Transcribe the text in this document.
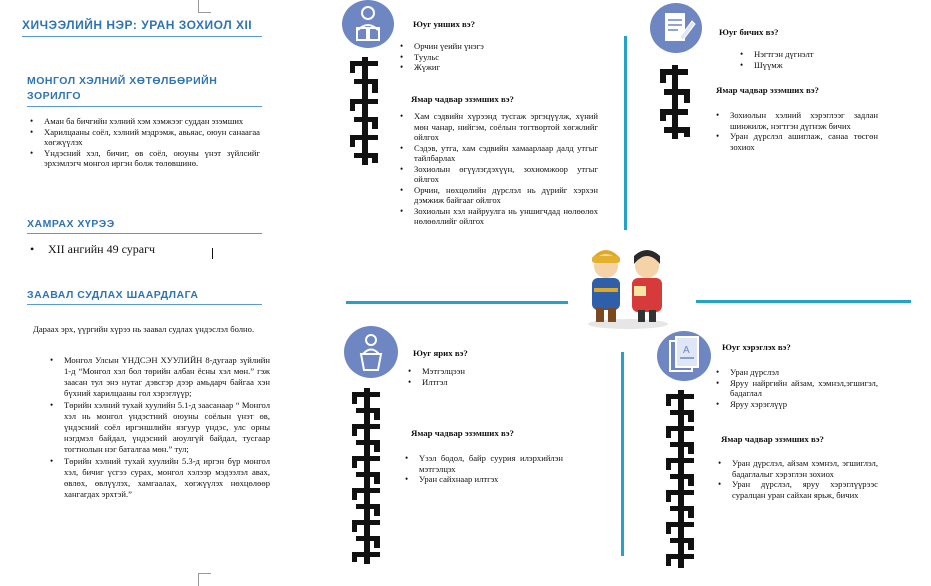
ХИЧЭЭЛИЙН НЭР: УРАН ЗОХИОЛ XII
МОНГОЛ ХЭЛНИЙ ХӨТӨЛБӨРИЙН ЗОРИЛГО
• Аман ба бичгийн хэлний хэм хэмжээг суддан эзэмших
• Харилцааны соёл, хэлний мэдрэмж, авьяас, оюун санаагаа хөгжүүлэх
• Үндэсний хэл, бичиг, өв соёл, оюуны үнэт зүйлсийг эрхэмлэгч монгол иргэн болж төлөвшинө.
ХАМРАХ ХҮРЭЭ
• XII ангийн 49 сурагч
ЗААВАЛ СУДЛАХ ШААРДЛАГА
Дараах эрх, үүргийн хүрээ нь заавал судлах үндэслэл болно.
• Монгол Улсын ҮНДСЭН ХУУЛИЙН 8-дугаар зүйлийн 1-д “Монгол хэл бол төрийн албан ёсны хэл мөн.” гэж заасан тул энэ нутаг дэвсгэр дээр амьдарч байгаа хэн бүхний харилцааны гол хэрэглүүр;
• Төрийн хэлний тухай хуулийн 5.1-д заасанаар “ Монгол хэл нь монгол үндэстний оюуны соёлын үнэт өв, үндэсний соёл иргэншлийн язгуур үндэс, улс орны нэгдмэл байдал, үндэсний аюулгүй байдал, тусгаар тогтнолын нэг баталгаа мөн.” тул;
• Төрийн хэлний тухай хуулийн 5.3-д иргэн бүр монгол хэл, бичиг үсгээ сурах, монгол хэлээр мэдээлэл авах, өвлөх, өвлүүлэх, хамгаалах, хөгжүүлэх нөхцөлөөр хангагдах эрхтэй.”
Юуг унших вэ?
• Орчин үеийн үнэгэ
• Туульс
• Жүжиг
Ямар чадвар эзэмших вэ?
• Хам сэдвийн хүрээнд тусгаж эргэцүүлж, хүний мөн чанар, нийгэм, соёлын тогтвортой хөгжлийг ойлгох
• Сэдэв, утга, хам сэдвийн хамаарлаар далд утгыг тайлбарлах
• Зохиолын өгүүлэгдэхүүн, зохиомжоор утгыг ойлгох
• Орчин, нөхцөлийн дүрслэл нь дүрийг хэрхэн дэмжиж байгааг ойлгох
• Зохиолын хэл найруулга нь уншигчдад нөлөөлөх нөлөөллийг ойлгох
Юуг бичих вэ?
• Нэгтгэн дүгнэлт
• Шүүмж
Ямар чадвар эзэмших вэ?
• Зохиолын хэлний хэрэглээг задлан шинжилж, нэгтгэн дүгнэж бичих
• Уран дүрслэл ашиглаж, санаа төсгөн зохиох
Юуг ярих вэ?
• Мэтгэлцээн
• Илтгэл
Ямар чадвар эзэмших вэ?
• Үзэл бодол, байр суурия илэрхийлэн мэтгэлцэх
• Уран сайхнаар илтгэх
A	Юуг хэрэглэх вэ?
• Уран дүрслэл
• Яруу найргийн айзам, хэмнэл,эгшигэл, бадаглал
• Яруу хэрэглүүр
Ямар чадвар эзэмших вэ?
• Уран дүрслэл, айзам хэмнэл, эгшиглэл, бадаглалыг хэрэглэн зохиох
• Уран дүрслэл, яруу хэрэглүүрээс суралцан уран сайхан ярьж, бичих
